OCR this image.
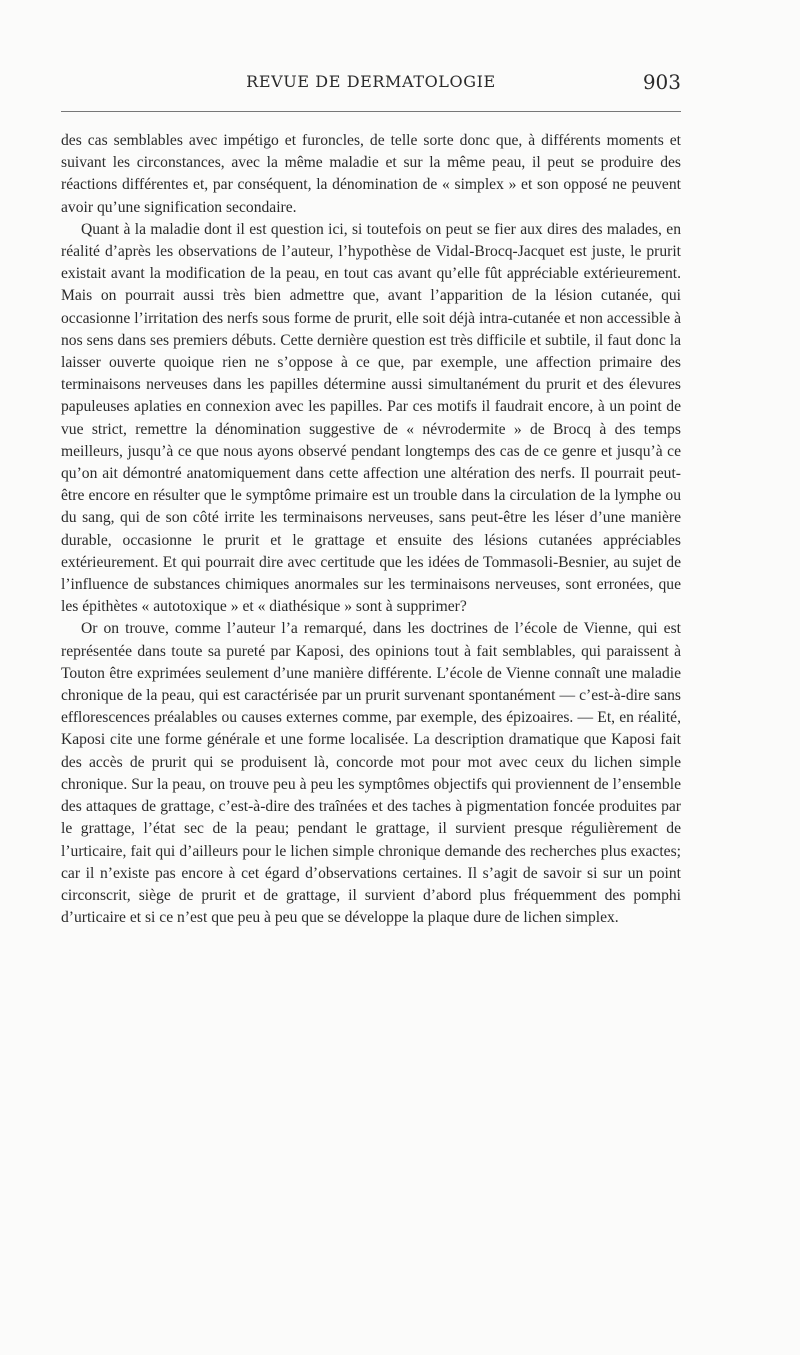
REVUE DE DERMATOLOGIE	903

des cas semblables avec impétigo et furoncles, de telle sorte donc que, à différents moments et suivant les circonstances, avec la même maladie et sur la même peau, il peut se produire des réactions différentes et, par conséquent, la dénomination de « simplex » et son opposé ne peuvent avoir qu’une signification secondaire.

Quant à la maladie dont il est question ici, si toutefois on peut se fier aux dires des malades, en réalité d’après les observations de l’auteur, l’hypothèse de Vidal-Brocq-Jacquet est juste, le prurit existait avant la modification de la peau, en tout cas avant qu’elle fût appréciable extérieurement. Mais on pourrait aussi très bien admettre que, avant l’apparition de la lésion cutanée, qui occasionne l’irritation des nerfs sous forme de prurit, elle soit déjà intra-cutanée et non accessible à nos sens dans ses premiers débuts. Cette dernière question est très difficile et subtile, il faut donc la laisser ouverte quoique rien ne s’oppose à ce que, par exemple, une affection primaire des terminaisons nerveuses dans les papilles détermine aussi simultanément du prurit et des élevures papuleuses aplaties en connexion avec les papilles. Par ces motifs il faudrait encore, à un point de vue strict, remettre la dénomination suggestive de « névrodermite » de Brocq à des temps meilleurs, jusqu’à ce que nous ayons observé pendant longtemps des cas de ce genre et jusqu’à ce qu’on ait démontré anatomiquement dans cette affection une altération des nerfs. Il pourrait peut-être encore en résulter que le symptôme primaire est un trouble dans la circulation de la lymphe ou du sang, qui de son côté irrite les terminaisons nerveuses, sans peut-être les léser d’une manière durable, occasionne le prurit et le grattage et ensuite des lésions cutanées appréciables extérieurement. Et qui pourrait dire avec certitude que les idées de Tommasoli-Besnier, au sujet de l’influence de substances chimiques anormales sur les terminaisons nerveuses, sont erronées, que les épithètes « autotoxique » et « diathésique » sont à supprimer?

Or on trouve, comme l’auteur l’a remarqué, dans les doctrines de l’école de Vienne, qui est représentée dans toute sa pureté par Kaposi, des opinions tout à fait semblables, qui paraissent à Touton être exprimées seulement d’une manière différente. L’école de Vienne connaît une maladie chronique de la peau, qui est caractérisée par un prurit survenant spontanément — c’est-à-dire sans efflorescences préalables ou causes externes comme, par exemple, des épizoaires. — Et, en réalité, Kaposi cite une forme générale et une forme localisée. La description dramatique que Kaposi fait des accès de prurit qui se produisent là, concorde mot pour mot avec ceux du lichen simple chronique. Sur la peau, on trouve peu à peu les symptômes objectifs qui proviennent de l’ensemble des attaques de grattage, c’est-à-dire des traînées et des taches à pigmentation foncée produites par le grattage, l’état sec de la peau; pendant le grattage, il survient presque régulièrement de l’urticaire, fait qui d’ailleurs pour le lichen simple chronique demande des recherches plus exactes; car il n’existe pas encore à cet égard d’observations certaines. Il s’agit de savoir si sur un point circonscrit, siège de prurit et de grattage, il survient d’abord plus fréquemment des pomphi d’urticaire et si ce n’est que peu à peu que se développe la plaque dure de lichen simplex.
